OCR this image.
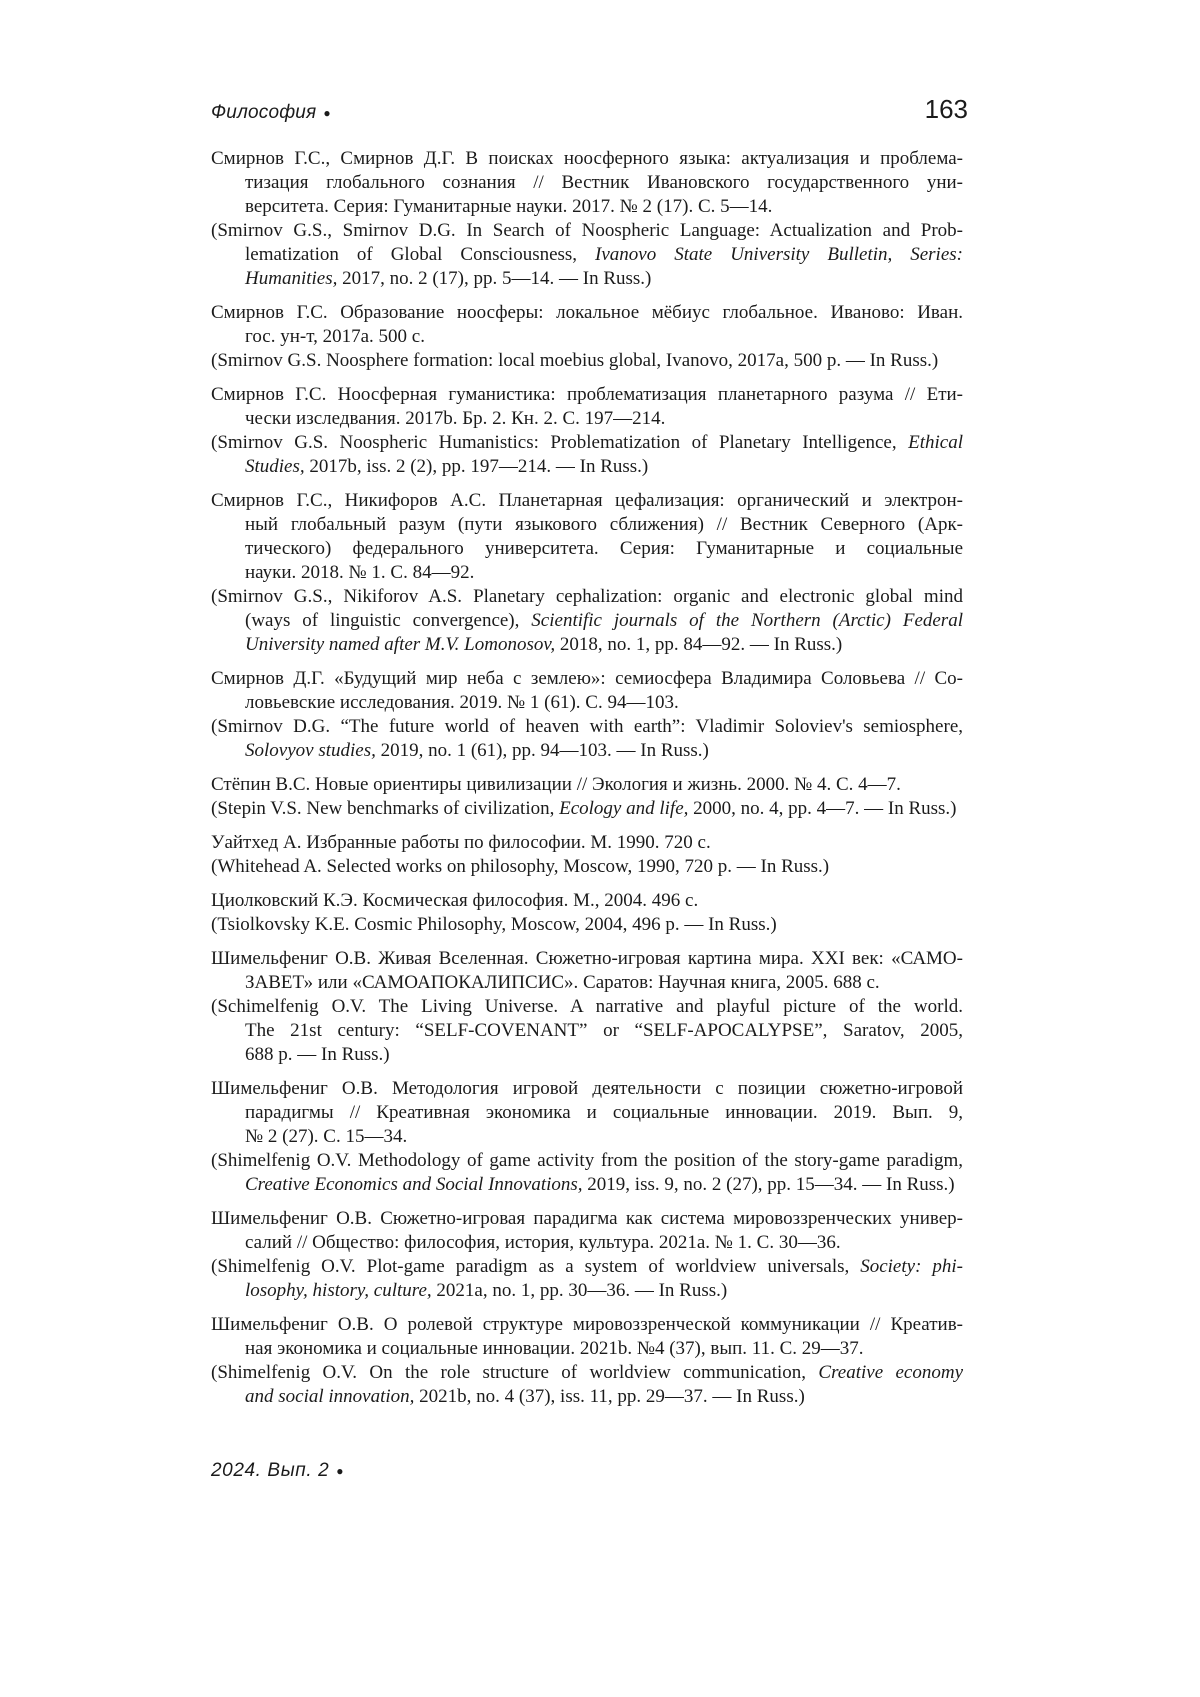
Философия ●	163
Смирнов Г.С., Смирнов Д.Г. В поисках ноосферного языка: актуализация и проблема-
тизация глобального сознания // Вестник Ивановского государственного уни-
верситета. Серия: Гуманитарные науки. 2017. № 2 (17). С. 5—14.
(Smirnov G.S., Smirnov D.G. In Search of Noospheric Language: Actualization and Prob-
lematization of Global Consciousness, Ivanovo State University Bulletin, Series:
Humanities, 2017, no. 2 (17), pp. 5—14. — In Russ.)
Смирнов Г.С. Образование ноосферы: локальное мёбиус глобальное. Иваново: Иван.
гос. ун-т, 2017a. 500 с.
(Smirnov G.S. Noosphere formation: local moebius global, Ivanovo, 2017a, 500 p. — In Russ.)
Смирнов Г.С. Ноосферная гуманистика: проблематизация планетарного разума // Ети-
чески изследвания. 2017b. Бр. 2. Кн. 2. С. 197—214.
(Smirnov G.S. Noospheric Humanistics: Problematization of Planetary Intelligence, Ethical
Studies, 2017b, iss. 2 (2), pp. 197—214. — In Russ.)
Смирнов Г.С., Никифоров А.С. Планетарная цефализация: органический и электрон-
ный глобальный разум (пути языкового сближения) // Вестник Северного (Арк-
тического) федерального университета. Серия: Гуманитарные и социальные
науки. 2018. № 1. С. 84—92.
(Smirnov G.S., Nikiforov A.S. Planetary cephalization: organic and electronic global mind
(ways of linguistic convergence), Scientific journals of the Northern (Arctic) Federal
University named after M.V. Lomonosov, 2018, no. 1, pp. 84—92. — In Russ.)
Смирнов Д.Г. «Будущий мир неба с землею»: семиосфера Владимира Соловьева // Со-
ловьевские исследования. 2019. № 1 (61). С. 94—103.
(Smirnov D.G. “The future world of heaven with earth”: Vladimir Soloviev's semiosphere,
Solovyov studies, 2019, no. 1 (61), pp. 94—103. — In Russ.)
Стёпин В.С. Новые ориентиры цивилизации // Экология и жизнь. 2000. № 4. С. 4—7.
(Stepin V.S. New benchmarks of civilization, Ecology and life, 2000, no. 4, pp. 4—7. — In Russ.)
Уайтхед А. Избранные работы по философии. М. 1990. 720 с.
(Whitehead A. Selected works on philosophy, Moscow, 1990, 720 p. — In Russ.)
Циолковский К.Э. Космическая философия. М., 2004. 496 с.
(Tsiolkovsky K.E. Cosmic Philosophy, Moscow, 2004, 496 p. — In Russ.)
Шимельфениг О.В. Живая Вселенная. Сюжетно-игровая картина мира. XXI век: «САМО-
ЗАВЕТ» или «САМОАПОКАЛИПСИС». Саратов: Научная книга, 2005. 688 с.
(Schimelfenig O.V. The Living Universe. A narrative and playful picture of the world.
The 21st century: “SELF-COVENANT” or “SELF-APOCALYPSE”, Saratov, 2005,
688 p. — In Russ.)
Шимельфениг О.В. Методология игровой деятельности с позиции сюжетно-игровой
парадигмы // Креативная экономика и социальные инновации. 2019. Вып. 9,
№ 2 (27). С. 15—34.
(Shimelfenig O.V. Methodology of game activity from the position of the story-game paradigm,
Creative Economics and Social Innovations, 2019, iss. 9, no. 2 (27), pp. 15—34. — In Russ.)
Шимельфениг О.В. Сюжетно-игровая парадигма как система мировоззренческих универ-
салий // Общество: философия, история, культура. 2021a. № 1. С. 30—36.
(Shimelfenig O.V. Plot-game paradigm as a system of worldview universals, Society: phi-
losophy, history, culture, 2021a, no. 1, pp. 30—36. — In Russ.)
Шимельфениг О.В. О ролевой структуре мировоззренческой коммуникации // Креатив-
ная экономика и социальные инновации. 2021b. №4 (37), вып. 11. С. 29—37.
(Shimelfenig O.V. On the role structure of worldview communication, Creative economy
and social innovation, 2021b, no. 4 (37), iss. 11, pp. 29—37. — In Russ.)
2024. Вып. 2 ●
